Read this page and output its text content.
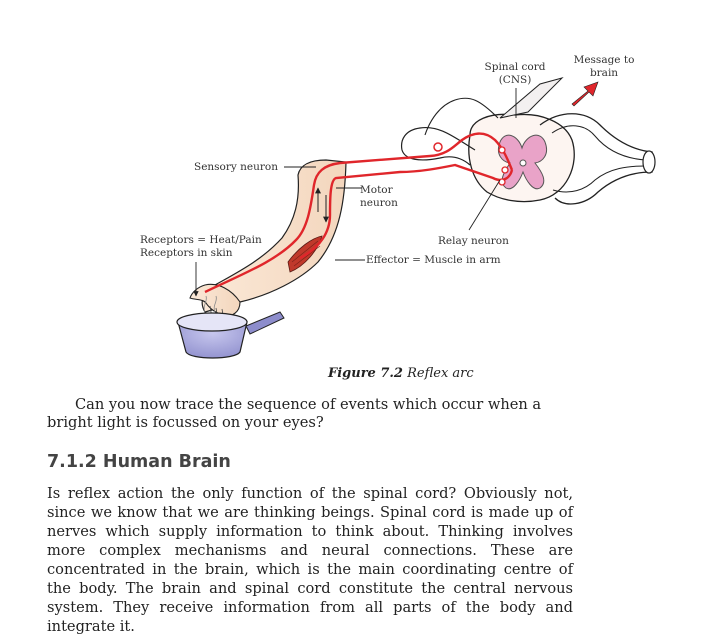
Spinal cord
(CNS)
Message to
brain
Sensory neuron
Motor
neuron
Receptors = Heat/Pain
Receptors in skin
Relay neuron
Effector = Muscle in arm
Figure 7.2 Reflex arc
Can you now trace the sequence of events which occur when a bright light is focussed on your eyes?
7.1.2 Human Brain
Is reflex action the only function of the spinal cord? Obviously not, since we know that we are thinking beings. Spinal cord is made up of nerves which supply information to think about. Thinking involves more complex mechanisms and neural connections. These are concentrated in the brain, which is the main coordinating centre of the body. The brain and spinal cord constitute the central nervous system. They receive information from all parts of the body and integrate it.
